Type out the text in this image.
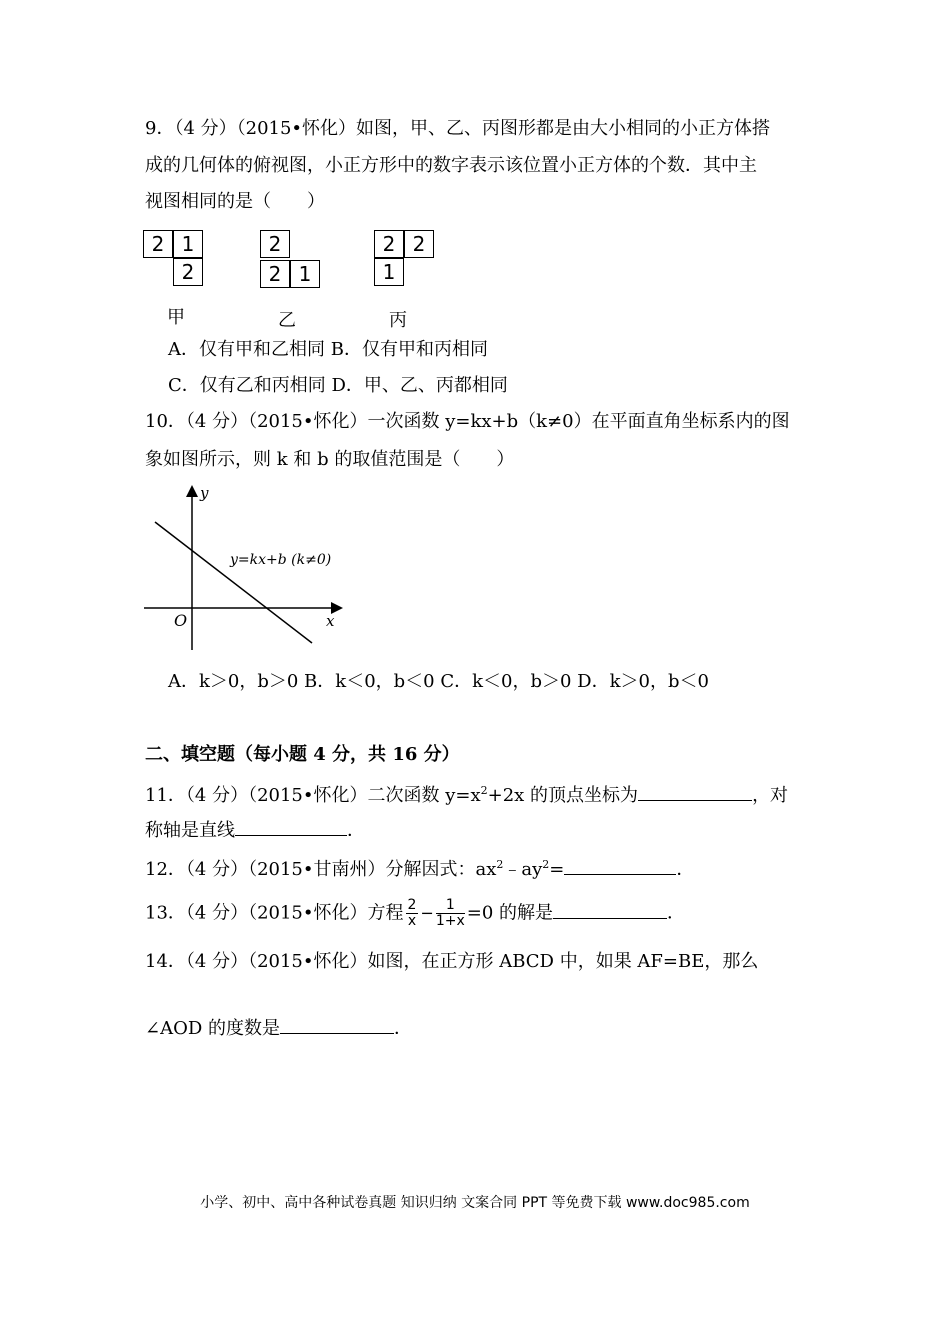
9．（4 分）（2015•怀化）如图，甲、乙、丙图形都是由大小相同的小正方体搭
成的几何体的俯视图，小正方形中的数字表示该位置小正方体的个数．其中主
视图相同的是（　　）
2 1
2
甲
2
2 1
乙
2 2
1
丙
A．仅有甲和乙相同 B．仅有甲和丙相同
C．仅有乙和丙相同 D．甲、乙、丙都相同
10．（4 分）（2015•怀化）一次函数 y=kx+b（k≠0）在平面直角坐标系内的图
象如图所示，则 k 和 b 的取值范围是（　　）
y
x
O
y=kx+b (k≠0)
A．k＞0，b＞0 B．k＜0，b＜0 C．k＜0，b＞0 D．k＞0，b＜0
二、填空题（每小题 4 分，共 16 分）
11．（4 分）（2015•怀化）二次函数 $y=x^2+2x$ 的顶点坐标为	，对
称轴是直线	．
12．（4 分）（2015•甘南州）分解因式：$ax^2﹣ay^2=$	．
13．（4 分）（2015•怀化）方程 $\frac{2}{x} - \frac{1}{1+x} =0$ 的解是	．
14．（4 分）（2015•怀化）如图，在正方形 ABCD 中，如果 AF=BE，那么
∠AOD 的度数是	．
小学、初中、高中各种试卷真题 知识归纳 文案合同 PPT 等免费下载 www.doc985.com
